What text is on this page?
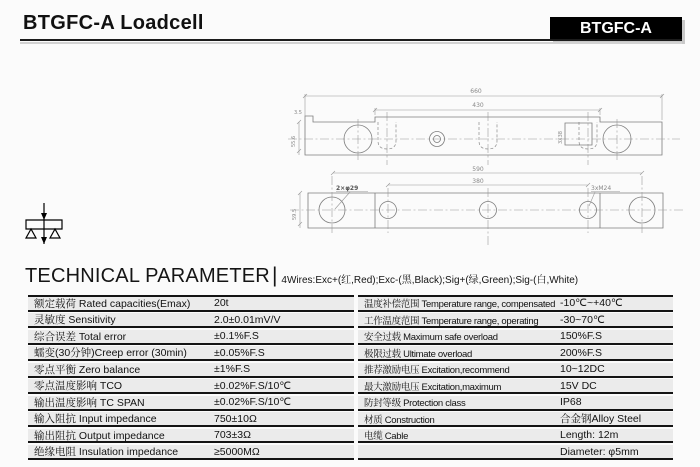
BTGFC-A Loadcell	BTGFC-A
660
430
3.5
55.6	3X38
590
380
59.5
2×φ29	3xM24
TECHNICAL PARAMETER | 4Wires:Exc+(红,Red);Exc-(黑,Black);Sig+(绿,Green);Sig-(白,White)
额定载荷 Rated capacities(Emax)	20t
灵敏度 Sensitivity	2.0±0.01mV/V
综合误差 Total error	±0.1%F.S
蠕变(30分钟)Creep error (30min)	±0.05%F.S
零点平衡 Zero balance	±1%F.S
零点温度影响 TCO	±0.02%F.S/10℃
输出温度影响 TC SPAN	±0.02%F.S/10℃
输入阻抗 Input impedance	750±10Ω
输出阻抗 Output impedance	703±3Ω
绝缘电阻 Insulation impedance	≥5000MΩ
温度补偿范围 Temperature range, compensated -10℃~+40℃
工作温度范围 Temperature range, operating	-30~70℃
安全过载 Maximum safe overload	150%F.S
极限过载 Ultimate overload	200%F.S
推荐激励电压 Excitation,recommend	10~12DC
最大激励电压 Excitation,maximum	15V DC
防封等级 Protection class	IP68
材质 Construction	合金钢Alloy Steel
电缆 Cable	Length: 12m
Diameter: φ5mm
